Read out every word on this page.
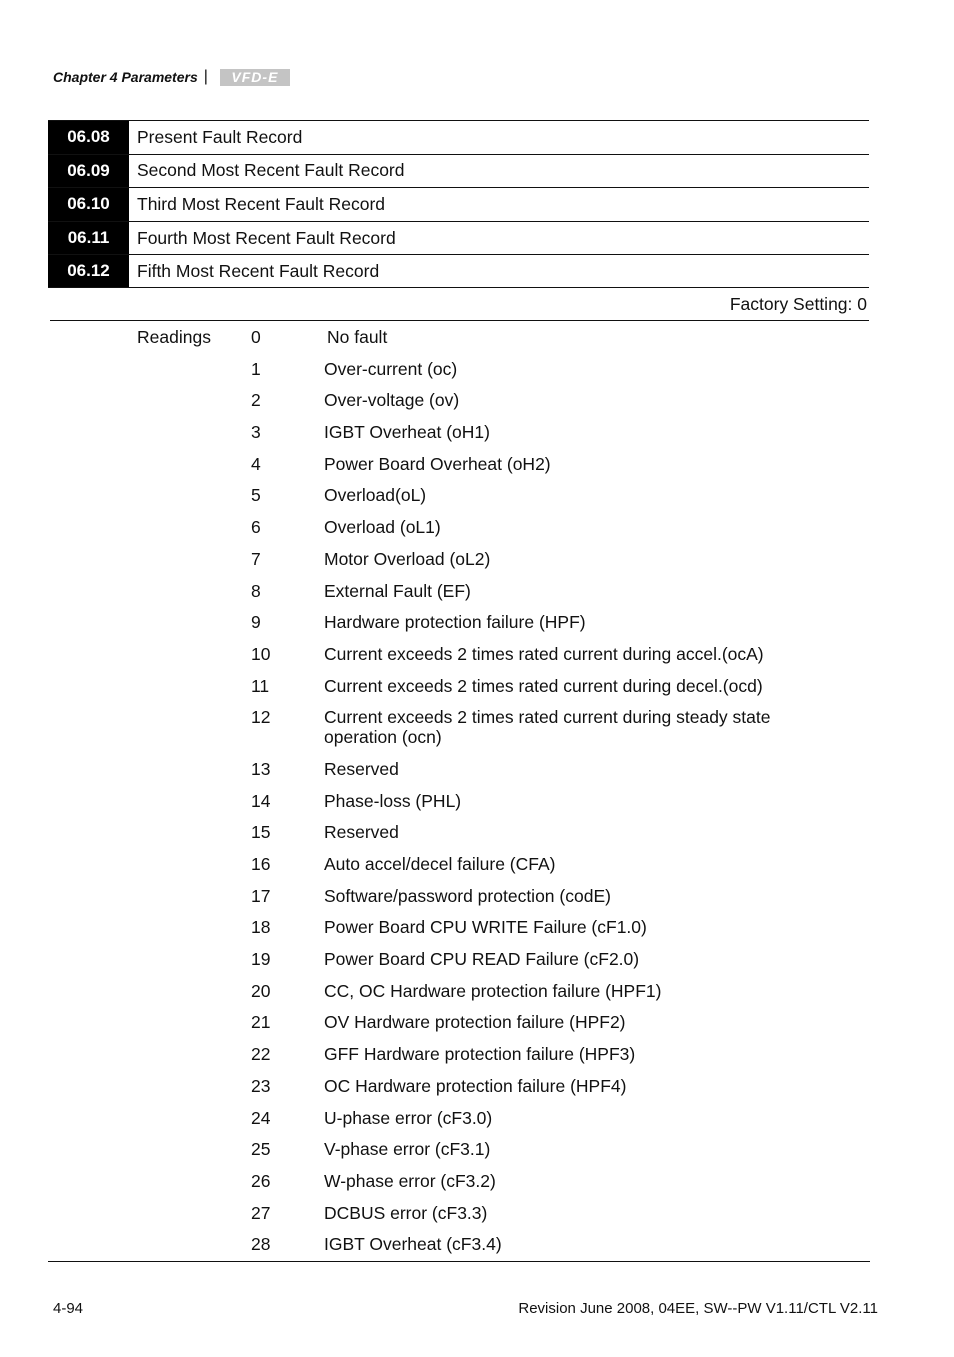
Chapter 4 Parameters |	VFD-E
06.08	Present Fault Record
06.09	Second Most Recent Fault Record
06.10	Third Most Recent Fault Record
06.11	Fourth Most Recent Fault Record
06.12	Fifth Most Recent Fault Record
Factory Setting: 0
Readings 0	No fault
1	Over-current (oc)
2	Over-voltage (ov)
3	IGBT Overheat (oH1)
4	Power Board Overheat (oH2)
5	Overload(oL)
6	Overload (oL1)
7	Motor Overload (oL2)
8	External Fault (EF)
9	Hardware protection failure (HPF)
10	Current exceeds 2 times rated current during accel.(ocA)
11	Current exceeds 2 times rated current during decel.(ocd)
12	Current exceeds 2 times rated current during steady state operation (ocn)
13	Reserved
14	Phase-loss (PHL)
15	Reserved
16	Auto accel/decel failure (CFA)
17	Software/password protection (codE)
18	Power Board CPU WRITE Failure (cF1.0)
19	Power Board CPU READ Failure (cF2.0)
20	CC, OC Hardware protection failure (HPF1)
21	OV Hardware protection failure (HPF2)
22	GFF Hardware protection failure (HPF3)
23	OC Hardware protection failure (HPF4)
24	U-phase error (cF3.0)
25	V-phase error (cF3.1)
26	W-phase error (cF3.2)
27	DCBUS error (cF3.3)
28	IGBT Overheat (cF3.4)
4-94	Revision June 2008, 04EE, SW--PW V1.11/CTL V2.11
